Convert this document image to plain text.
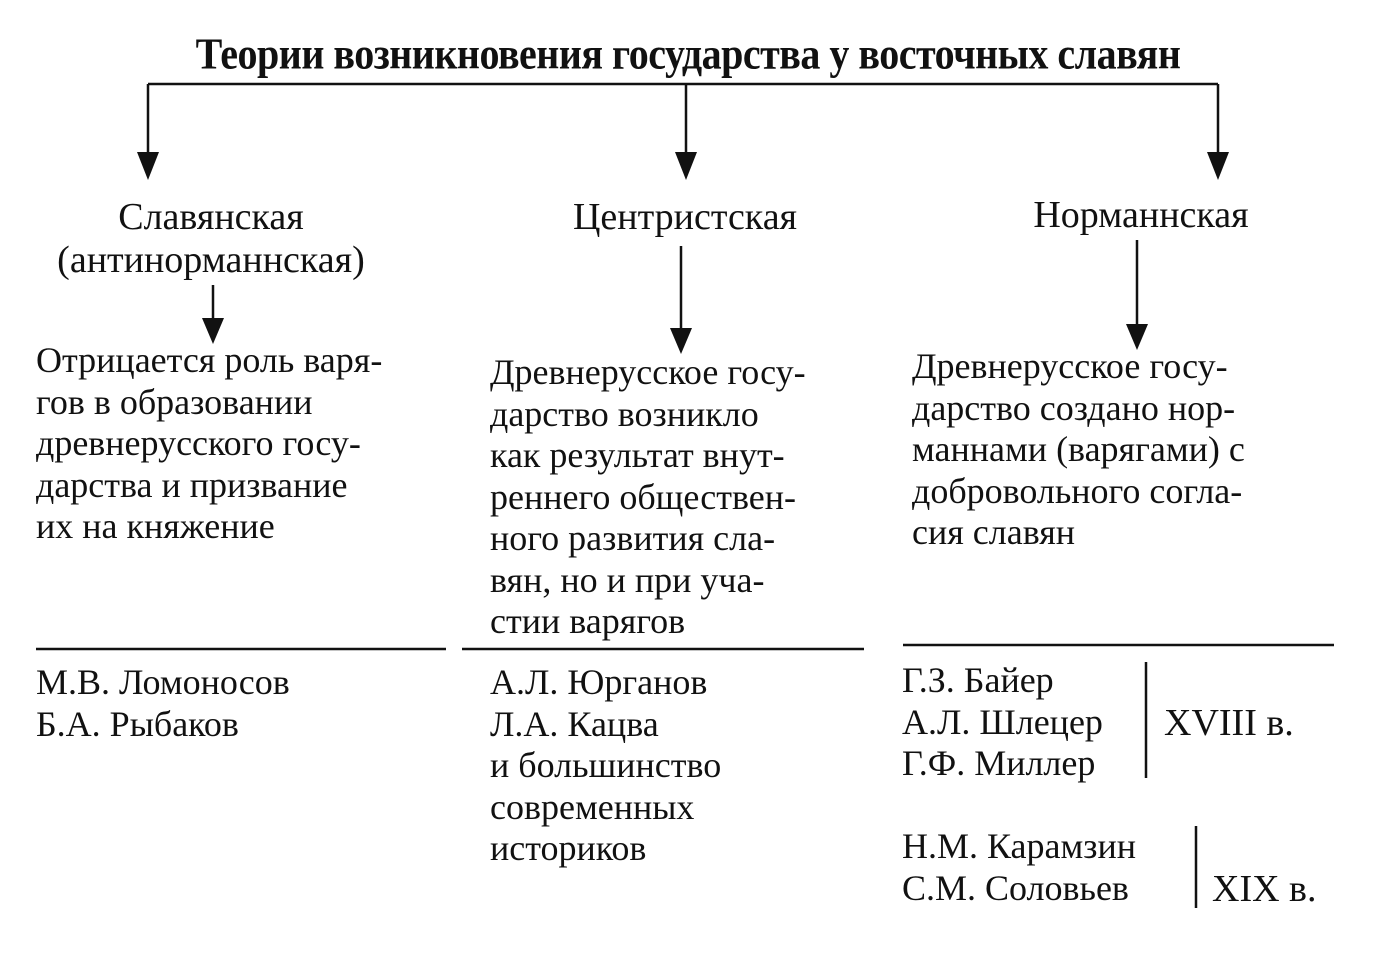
Теории возникновения государства у восточных славян
Славянская
(антинорманнская)
Отрицается роль варя-
гов в образовании
древнерусского госу-
дарства и призвание
их на княжение
М.В. Ломоносов
Б.А. Рыбаков
Центристская
Древнерусское госу-
дарство возникло
как результат внут-
реннего обществен-
ного развития сла-
вян, но и при уча-
стии варягов
А.Л. Юрганов
Л.А. Кацва
и большинство
современных
историков
Норманнская
Древнерусское госу-
дарство создано нор-
маннами (варягами) с
добровольного согла-
сия славян
Г.З. Байер
А.Л. Шлецер
Г.Ф. Миллер
XVIII в.
Н.М. Карамзин
С.М. Соловьев XIX в.
